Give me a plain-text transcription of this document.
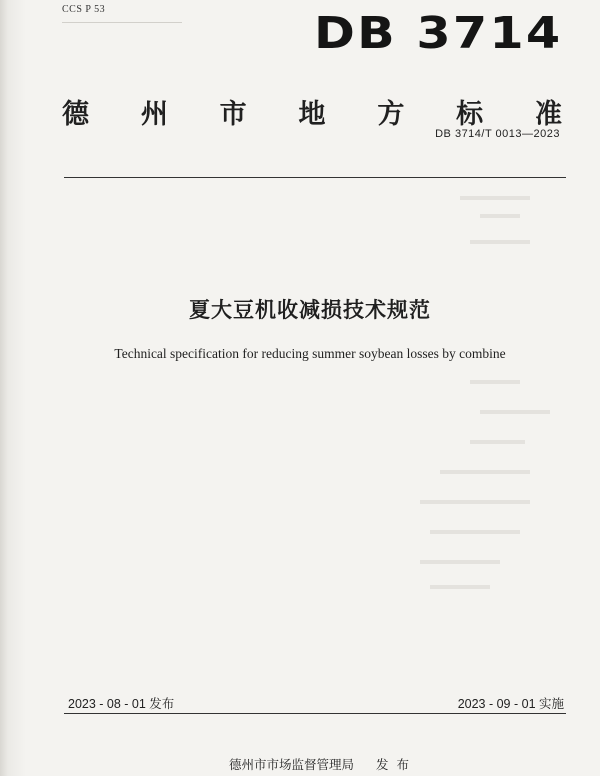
CCS P 53	DB 3714
德 州 市 地 方 标 准
DB 3714/T 0013—2023
夏大豆机收减损技术规范
Technical specification for reducing summer soybean losses by combine
2023 - 08 - 01 发布	2023 - 09 - 01 实施
德州市市场监督管理局 发布
